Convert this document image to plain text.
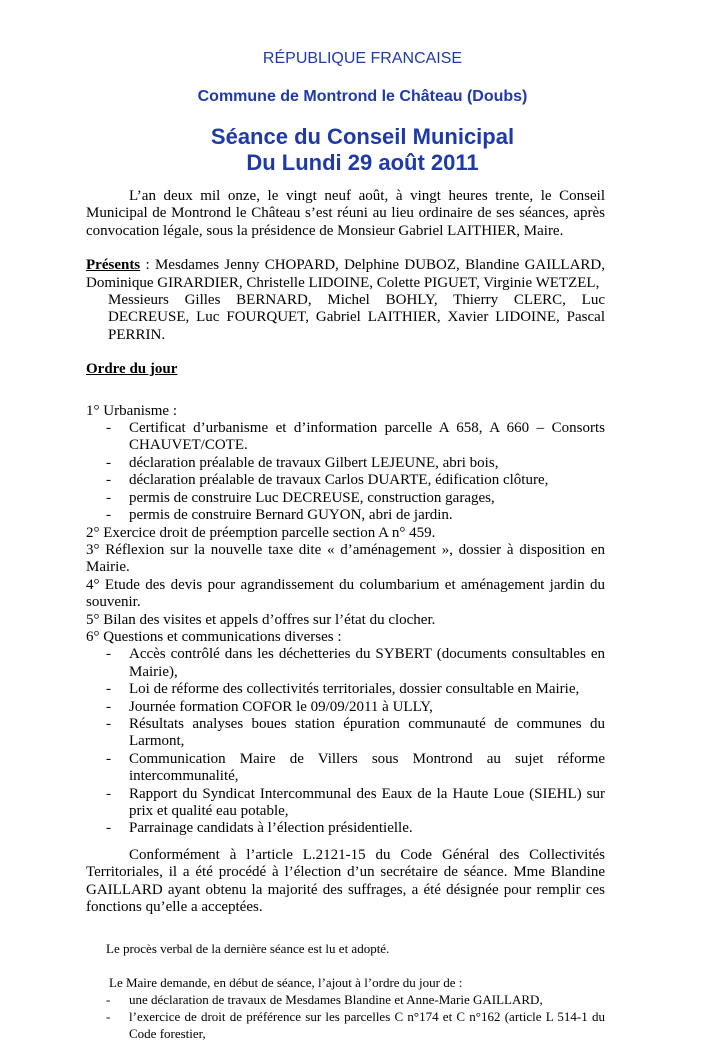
RÉPUBLIQUE FRANCAISE
Commune de Montrond le Château (Doubs)
Séance du Conseil Municipal
Du Lundi 29 août 2011

L’an deux mil onze, le vingt neuf août, à vingt heures trente, le Conseil Municipal de Montrond le Château s’est réuni au lieu ordinaire de ses séances, après convocation légale, sous la présidence de Monsieur Gabriel LAITHIER, Maire.

Présents : Mesdames Jenny CHOPARD, Delphine DUBOZ, Blandine GAILLARD, Dominique GIRARDIER, Christelle LIDOINE, Colette PIGUET, Virginie WETZEL,

Messieurs Gilles BERNARD, Michel BOHLY, Thierry CLERC, Luc DECREUSE, Luc FOURQUET, Gabriel LAITHIER, Xavier LIDOINE, Pascal PERRIN.

Ordre du jour

1° Urbanisme :

- Certificat d’urbanisme et d’information parcelle A 658, A 660 – Consorts CHAUVET/COTE.
- déclaration préalable de travaux Gilbert LEJEUNE, abri bois,
- déclaration préalable de travaux Carlos DUARTE, édification clôture,
- permis de construire Luc DECREUSE, construction garages,
- permis de construire Bernard GUYON, abri de jardin.

2° Exercice droit de préemption parcelle section A n° 459.

3° Réflexion sur la nouvelle taxe dite « d’aménagement », dossier à disposition en Mairie.

4° Etude des devis pour agrandissement du columbarium et aménagement jardin du souvenir.

5° Bilan des visites et appels d’offres sur l’état du clocher.

6° Questions et communications diverses :

- Accès contrôlé dans les déchetteries du SYBERT (documents consultables en Mairie),
- Loi de réforme des collectivités territoriales, dossier consultable en Mairie,
- Journée formation COFOR le 09/09/2011 à ULLY,
- Résultats analyses boues station épuration communauté de communes du Larmont,
- Communication Maire de Villers sous Montrond au sujet réforme intercommunalité,
- Rapport du Syndicat Intercommunal des Eaux de la Haute Loue (SIEHL) sur prix et qualité eau potable,
- Parrainage candidats à l’élection présidentielle.

Conformément à l’article L.2121-15 du Code Général des Collectivités Territoriales, il a été procédé à l’élection d’un secrétaire de séance. Mme Blandine GAILLARD ayant obtenu la majorité des suffrages, a été désignée pour remplir ces fonctions qu’elle a acceptées.

Le procès verbal de la dernière séance est lu et adopté.

Le Maire demande, en début de séance, l’ajout à l’ordre du jour de :

- une déclaration de travaux de Mesdames Blandine et Anne-Marie GAILLARD,
- l’exercice de droit de préférence sur les parcelles C n°174 et C n°162 (article L 514-1 du Code forestier,
